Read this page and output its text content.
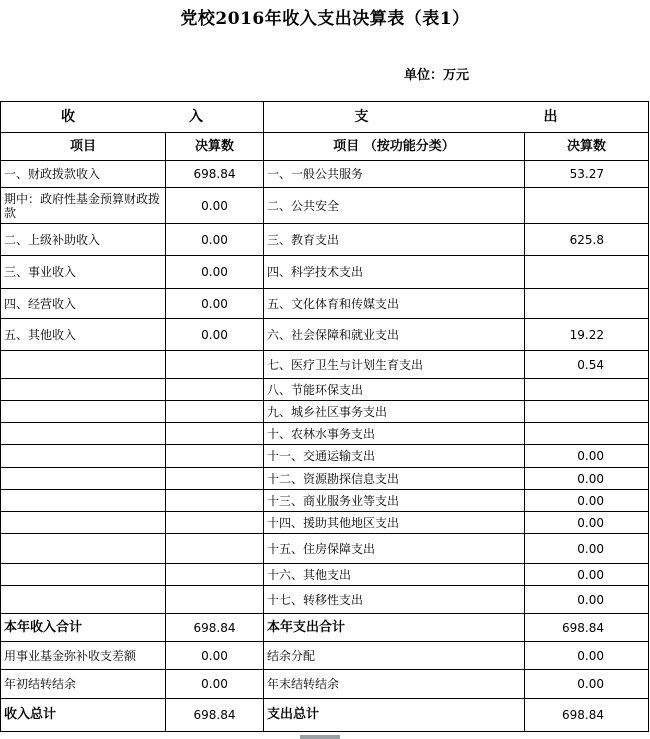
党校2016年收入支出决算表（表1）
单位：万元
收 入		支 出	

项目	决算数	项目 （按功能分类）	决算数
一、财政拨款收入	698.84	一、一般公共服务	53.27
期中：政府性基金预算财政拨款	0.00	二、公共安全	
二、上级补助收入	0.00	三、教育支出	625.8
三、事业收入	0.00	四、科学技术支出	
四、经营收入	0.00	五、文化体育和传媒支出	
五、其他收入	0.00	六、社会保障和就业支出	19.22
		七、医疗卫生与计划生育支出	0.54
		八、节能环保支出	
		九、城乡社区事务支出	
		十、农林水事务支出	
		十一、交通运输支出	0.00
		十二、资源勘探信息支出	0.00
		十三、商业服务业等支出	0.00
		十四、援助其他地区支出	0.00
		十五、住房保障支出	0.00
		十六、其他支出	0.00
		十七、转移性支出	0.00
本年收入合计	698.84	本年支出合计	698.84
用事业基金弥补收支差额	0.00	结余分配	0.00
年初结转结余	0.00	年末结转结余	0.00
收入总计	698.84	支出总计	698.84
